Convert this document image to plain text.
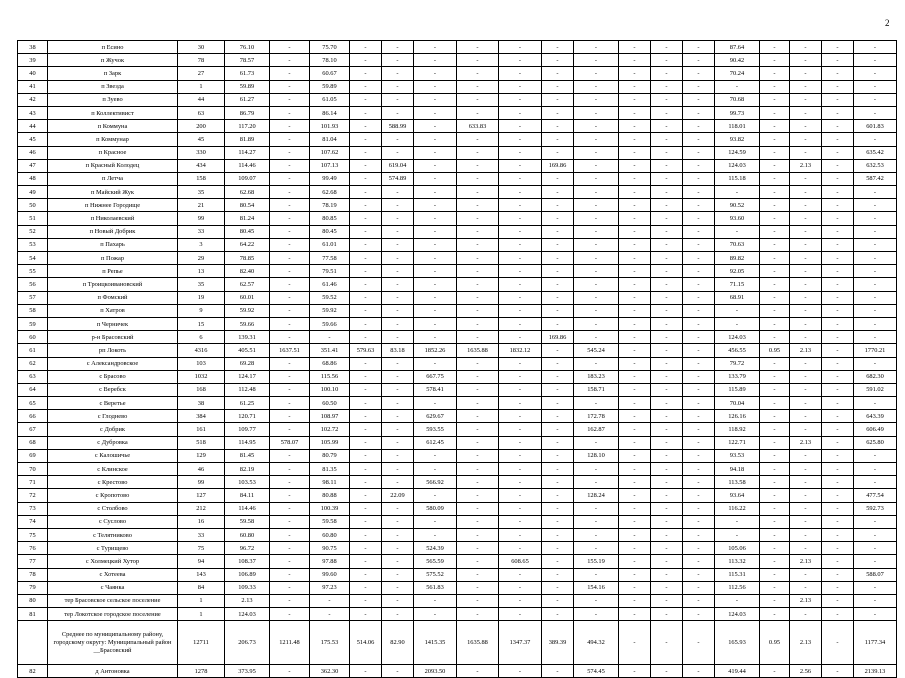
2
38	п Есино	30	76.10	-	75.70	-	-	-	-	-	-	-	-	-	-	87.64	-	-	-	-
39	п Жучок	78	78.57	-	78.10	-	-	-	-	-	-	-	-	-	-	90.42	-	-	-	-
40	п Зарк	27	61.73	-	60.67	-	-	-	-	-	-	-	-	-	-	70.24	-	-	-	-
41	п Звезда	1	59.89	-	59.89	-	-	-	-	-	-	-	-	-	-	-	-	-	-	-
42	п Зуево	44	61.27	-	61.05	-	-	-	-	-	-	-	-	-	-	70.68	-	-	-	-
43	п Коллективист	63	86.79	-	86.14	-	-	-	-	-	-	-	-	-	-	99.73	-	-	-	-
44	п Коммуна	200	117.20	-	101.93	-	588.99	-	633.83	-	-	-	-	-	-	118.01	-	-	-	601.83
45	п Коммунар	45	81.89	-	81.04	-	-	-	-	-	-	-	-	-	-	93.82	-	-	-	-
46	п Красное	330	114.27	-	107.62	-	-	-	-	-	-	-	-	-	-	124.59	-	-	-	635.42
47	п Красный Колодец	434	114.46	-	107.13	-	619.04	-	-	-	169.86	-	-	-	-	124.03	-	2.13	-	632.53
48	п Летча	158	109.07	-	99.49	-	574.89	-	-	-	-	-	-	-	-	115.18	-	-	-	587.42
49	п Майский Жук	35	62.68	-	62.68	-	-	-	-	-	-	-	-	-	-	-	-	-	-	-
50	п Нижнее Городище	21	80.54	-	78.19	-	-	-	-	-	-	-	-	-	-	90.52	-	-	-	-
51	п Николаевский	99	81.24	-	80.85	-	-	-	-	-	-	-	-	-	-	93.60	-	-	-	-
52	п Новый Добрик	33	80.45	-	80.45	-	-	-	-	-	-	-	-	-	-	-	-	-	-	-
53	п Пахарь	3	64.22	-	61.01	-	-	-	-	-	-	-	-	-	-	70.63	-	-	-	-
54	п Пожар	29	78.85	-	77.58	-	-	-	-	-	-	-	-	-	-	89.82	-	-	-	-
55	п Репье	13	82.40	-	79.51	-	-	-	-	-	-	-	-	-	-	92.05	-	-	-	-
56	п Троицкоивановский	35	62.57	-	61.46	-	-	-	-	-	-	-	-	-	-	71.15	-	-	-	-
57	п Фомский	19	60.01	-	59.52	-	-	-	-	-	-	-	-	-	-	68.91	-	-	-	-
58	п Хатров	9	59.92	-	59.92	-	-	-	-	-	-	-	-	-	-	-	-	-	-	-
59	п Черничек	15	59.66	-	59.66	-	-	-	-	-	-	-	-	-	-	-	-	-	-	-
60	р-н Брасовский	6	139.31	-	-	-	-	-	-	-	169.86	-	-	-	-	124.03	-	-	-	-
61	рп Локоть	4316	405.51	1637.51	351.41	579.63	83.18	1852.26	1635.88	1832.12	-	545.24	-	-	-	456.55	0.95	2.13	-	1770.21
62	с Александровское	103	69.28	-	68.86	-	-	-	-	-	-	-	-	-	-	79.72	-	-	-	-
63	с Брасово	1032	124.17	-	115.56	-	-	667.75	-	-	-	183.23	-	-	-	133.79	-	-	-	682.30
64	с Веребск	168	112.48	-	100.10	-	-	578.41	-	-	-	158.71	-	-	-	115.89	-	-	-	591.02
65	с Веретье	38	61.25	-	60.50	-	-	-	-	-	-	-	-	-	-	70.04	-	-	-	-
66	с Глоднево	384	120.71	-	108.97	-	-	629.67	-	-	-	172.78	-	-	-	126.16	-	-	-	643.39
67	с Добрик	161	109.77	-	102.72	-	-	593.55	-	-	-	162.87	-	-	-	118.92	-	-	-	606.49
68	с Дубровка	518	114.95	578.07	105.99	-	-	612.45	-	-	-	-	-	-	-	122.71	-	2.13	-	625.80
69	с Калошичье	129	81.45	-	80.79	-	-	-	-	-	-	128.10	-	-	-	93.53	-	-	-	-
70	с Клинское	46	82.19	-	81.35	-	-	-	-	-	-	-	-	-	-	94.18	-	-	-	-
71	с Крестово	99	103.53	-	98.11	-	-	566.92	-	-	-	-	-	-	-	113.58	-	-	-	-
72	с Кропотово	127	84.11	-	80.88	-	22.09	-	-	-	-	128.24	-	-	-	93.64	-	-	-	477.54
73	с Столбово	212	114.46	-	100.39	-	-	580.09	-	-	-	-	-	-	-	116.22	-	-	-	592.73
74	с Суслово	16	59.58	-	59.58	-	-	-	-	-	-	-	-	-	-	-	-	-	-	-
75	с Телятниково	33	60.80	-	60.80	-	-	-	-	-	-	-	-	-	-	-	-	-	-	-
76	с Турищево	75	96.72	-	90.75	-	-	524.39	-	-	-	-	-	-	-	105.06	-	-	-	-
77	с Холмецкий Хутор	94	108.37	-	97.88	-	-	565.59	-	608.65	-	155.19	-	-	-	113.32	-	2.13	-	-
78	с Хотеева	143	106.89	-	99.60	-	-	575.52	-	-	-	-	-	-	-	115.31	-	-	-	588.07
79	с Чаянка	84	109.33	-	97.23	-	-	561.83	-	-	-	154.16	-	-	-	112.56	-	-	-	-
80	тер Брасовское сельское поселение	1	2.13	-	-	-	-	-	-	-	-	-	-	-	-	-	-	2.13	-	-
81	тер Локотское городское поселение	1	124.03	-	-	-	-	-	-	-	-	-	-	-	-	124.03	-	-	-	-
	Среднее по муниципальному району, городскому округу: Муниципальный район __Брасовский	12711	206.73	1211.48	175.53	514.06	82.90	1415.35	1635.88	1347.37	389.39	494.32	-	-	-	165.93	0.95	2.13	-	1177.34
82	д Антоновка	1278	373.95	-	362.30	-	-	2093.50	-	-	-	574.45	-	-	-	419.44	-	2.56	-	2139.13
